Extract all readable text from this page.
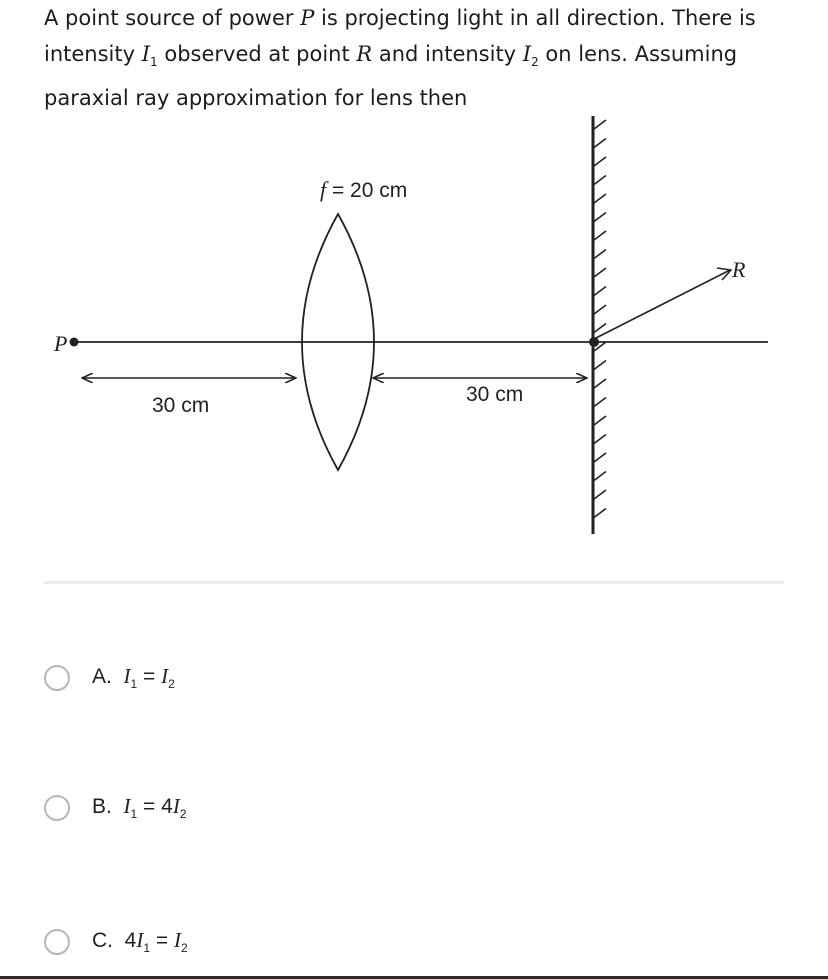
A point source of power P is projecting light in all direction. There is
intensity $I_1$ observed at point R and intensity $I_2$ on lens. Assuming
paraxial ray approximation for lens then
P
f = 20 cm
30 cm	30 cm
R
A. $I_1 = I_2$
B. $I_1 = 4I_2$
C. $4I_1 = I_2$
